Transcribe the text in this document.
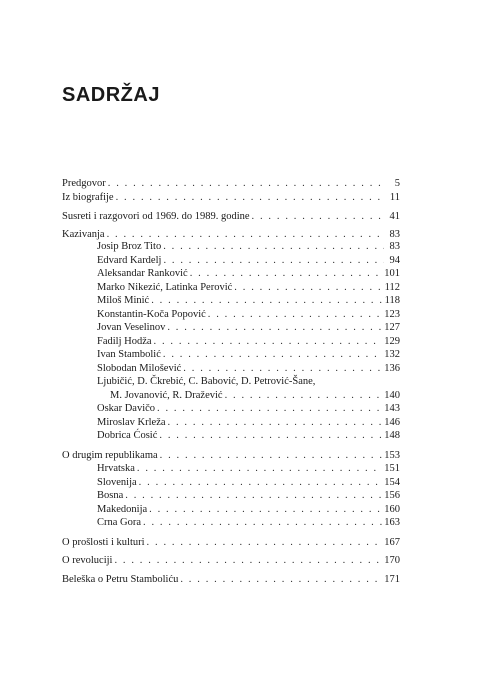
SADRŽAJ
Predgovor . . .	5
Iz biografije . . .	11
Susreti i razgovori od 1969. do 1989. godine . . .	41
Kazivanja . . .	83
Josip Broz Tito . . .	83
Edvard Kardelj . . .	94
Aleksandar Ranković . . .	101
Marko Nikezić, Latinka Perović . . .	112
Miloš Minić . . .	118
Konstantin-Koča Popović . . .	123
Jovan Veselinov . . .	127
Fadilj Hodža . . .	129
Ivan Stambolić . . .	132
Slobodan Milošević . . .	136
Ljubičić, D. Čkrebić, C. Babović, D. Petrović-Šane,
M. Jovanović, R. Dražević . . .	140
Oskar Davičo . . .	143
Miroslav Krleža . . .	146
Dobrica Ćosić . . .	148
O drugim republikama . . .	153
Hrvatska . . .	151
Slovenija . . .	154
Bosna . . .	156
Makedonija . . .	160
Crna Gora . . .	163
O prošlosti i kulturi . . .	167
O revoluciji . . .	170
Beleška o Petru Stamboliću . . .	171
